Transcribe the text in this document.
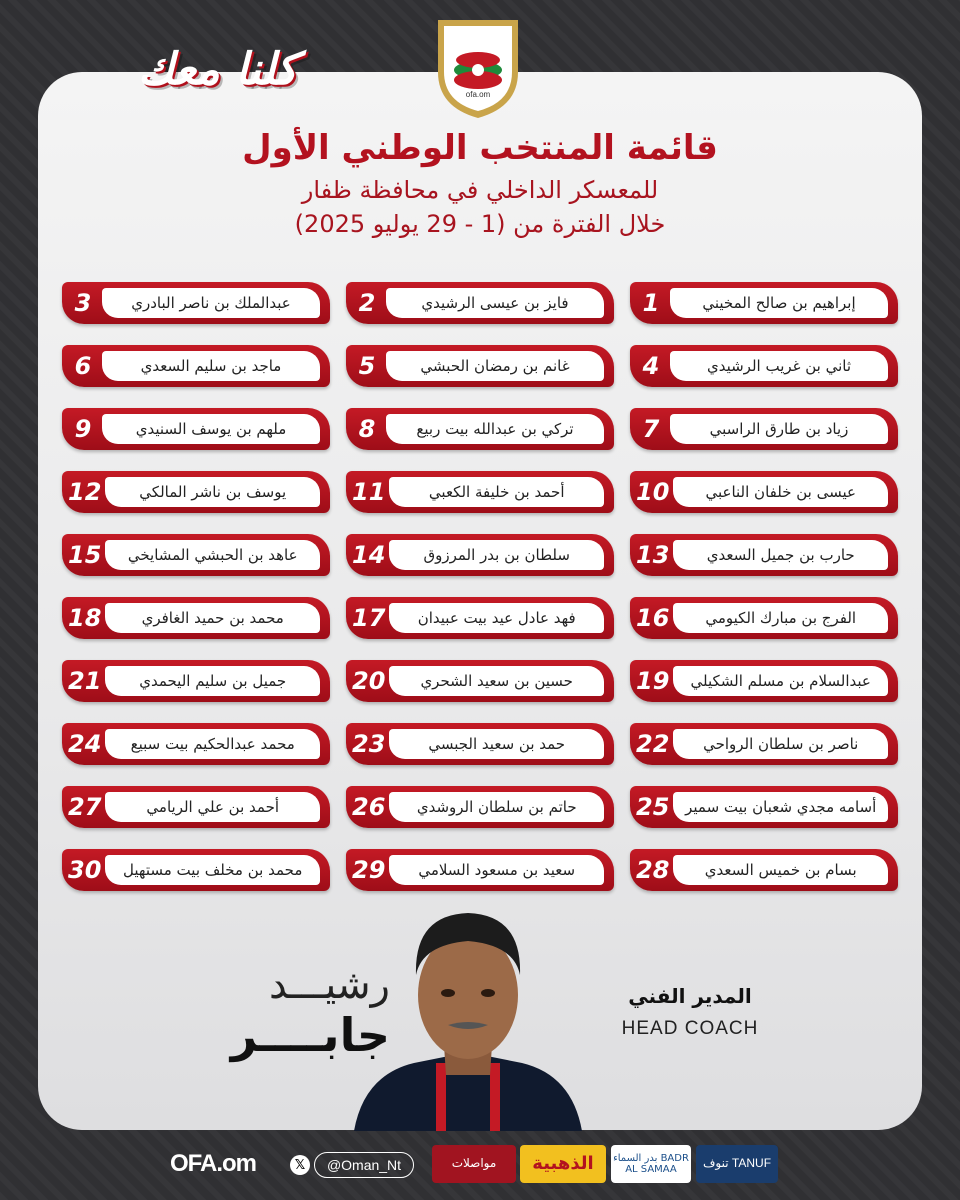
كلنا معك	ofa.om
قائمة المنتخب الوطني الأول
للمعسكر الداخلي في محافظة ظفار
خلال الفترة من (1 - 29 يوليو 2025)
1	إبراهيم بن صالح المخيني
2	فايز بن عيسى الرشيدي
3	عبدالملك بن ناصر البادري
4	ثاني بن غريب الرشيدي
5	غانم بن رمضان الحبشي
6	ماجد بن سليم السعدي
7	زياد بن طارق الراسبي
8	تركي بن عبدالله بيت ربيع
9	ملهم بن يوسف السنيدي
10	عيسى بن خلفان الناعبي
11	أحمد بن خليفة الكعبي
12	يوسف بن ناشر المالكي
13	حارب بن جميل السعدي
14	سلطان بن بدر المرزوق
15	عاهد بن الحبشي المشايخي
16	الفرج بن مبارك الكيومي
17	فهد عادل عيد بيت عبيدان
18	محمد بن حميد الغافري
19	عبدالسلام بن مسلم الشكيلي
20	حسين بن سعيد الشحري
21	جميل بن سليم اليحمدي
22	ناصر بن سلطان الرواحي
23	حمد بن سعيد الجبسي
24	محمد عبدالحكيم بيت سبيع
25	أسامه مجدي شعبان بيت سمير
26	حاتم بن سلطان الروشدي
27	أحمد بن علي الريامي
28	بسام بن خميس السعدي
29	سعيد بن مسعود السلامي
30	محمد بن مخلف بيت مستهيل
رشيـــد
جابــــر
المدير الفني
HEAD COACH
OFA.om	𝕏	@Oman_Nt	مواصلات	الذهبية	بدر السماء BADR AL SAMAA	تنوف TANUF
